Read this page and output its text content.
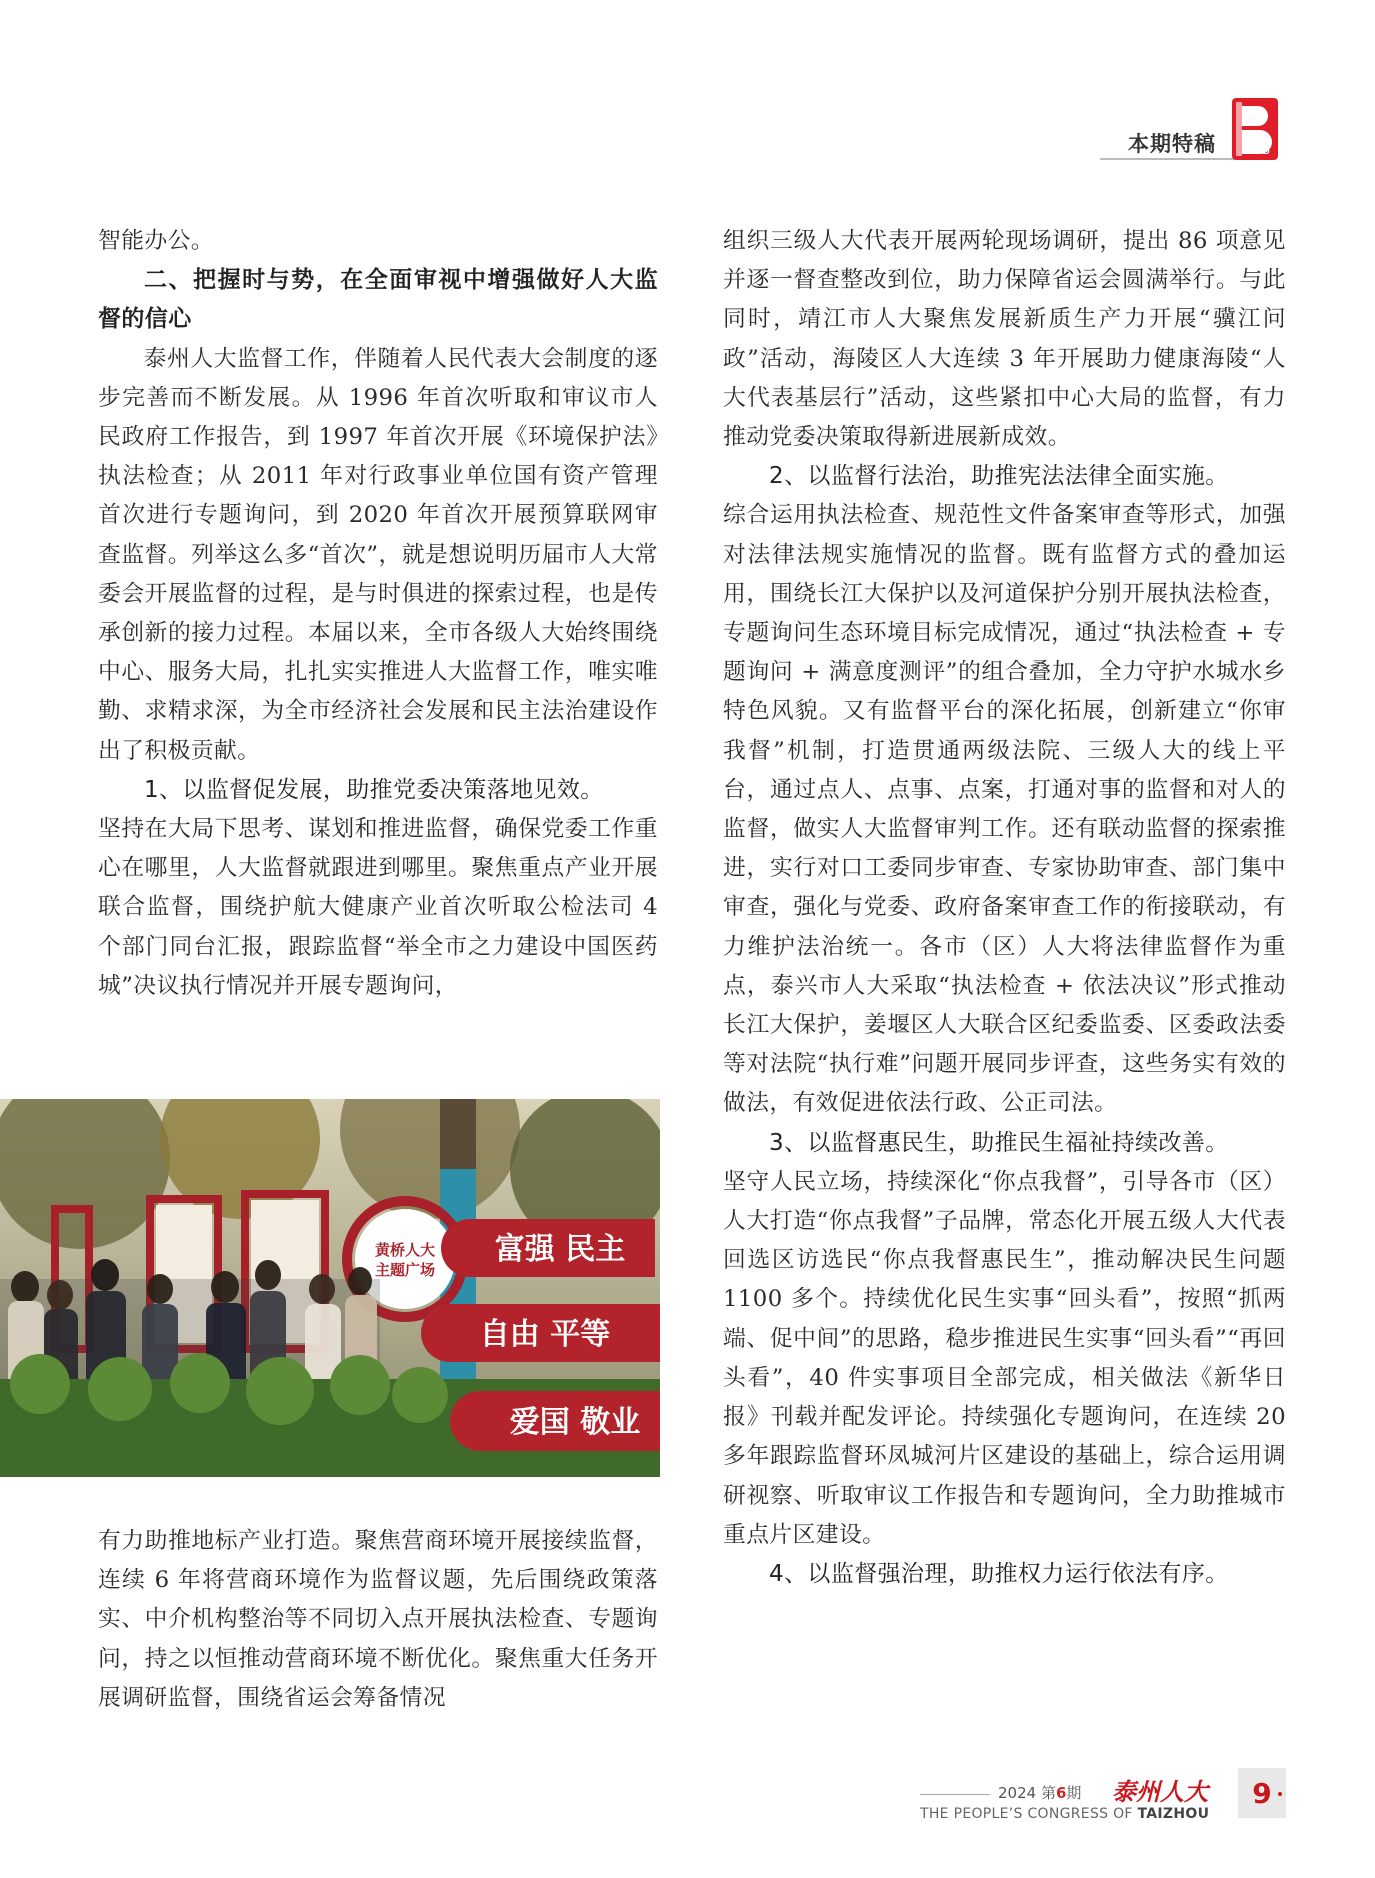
本期特稿	B

智能办公。

二、把握时与势，在全面审视中增强做好人大监督的信心

泰州人大监督工作，伴随着人民代表大会制度的逐步完善而不断发展。从 1996 年首次听取和审议市人民政府工作报告，到 1997 年首次开展《环境保护法》执法检查；从 2011 年对行政事业单位国有资产管理首次进行专题询问，到 2020 年首次开展预算联网审查监督。列举这么多“首次”，就是想说明历届市人大常委会开展监督的过程，是与时俱进的探索过程，也是传承创新的接力过程。本届以来，全市各级人大始终围绕中心、服务大局，扎扎实实推进人大监督工作，唯实唯勤、求精求深，为全市经济社会发展和民主法治建设作出了积极贡献。

1、以监督促发展，助推党委决策落地见效。

坚持在大局下思考、谋划和推进监督，确保党委工作重心在哪里，人大监督就跟进到哪里。聚焦重点产业开展联合监督，围绕护航大健康产业首次听取公检法司 4 个部门同台汇报，跟踪监督“举全市之力建设中国医药城”决议执行情况并开展专题询问，

黄桥人大
主题广场
富强 民主
自由 平等
爱国 敬业

有力助推地标产业打造。聚焦营商环境开展接续监督，连续 6 年将营商环境作为监督议题，先后围绕政策落实、中介机构整治等不同切入点开展执法检查、专题询问，持之以恒推动营商环境不断优化。聚焦重大任务开展调研监督，围绕省运会筹备情况

组织三级人大代表开展两轮现场调研，提出 86 项意见并逐一督查整改到位，助力保障省运会圆满举行。与此同时，靖江市人大聚焦发展新质生产力开展“骥江问政”活动，海陵区人大连续 3 年开展助力健康海陵“人大代表基层行”活动，这些紧扣中心大局的监督，有力推动党委决策取得新进展新成效。

2、以监督行法治，助推宪法法律全面实施。

综合运用执法检查、规范性文件备案审查等形式，加强对法律法规实施情况的监督。既有监督方式的叠加运用，围绕长江大保护以及河道保护分别开展执法检查，专题询问生态环境目标完成情况，通过“执法检查 + 专题询问 + 满意度测评”的组合叠加，全力守护水城水乡特色风貌。又有监督平台的深化拓展，创新建立“你审我督”机制，打造贯通两级法院、三级人大的线上平台，通过点人、点事、点案，打通对事的监督和对人的监督，做实人大监督审判工作。还有联动监督的探索推进，实行对口工委同步审查、专家协助审查、部门集中审查，强化与党委、政府备案审查工作的衔接联动，有力维护法治统一。各市（区）人大将法律监督作为重点，泰兴市人大采取“执法检查 + 依法决议”形式推动长江大保护，姜堰区人大联合区纪委监委、区委政法委等对法院“执行难”问题开展同步评查，这些务实有效的做法，有效促进依法行政、公正司法。

3、以监督惠民生，助推民生福祉持续改善。

坚守人民立场，持续深化“你点我督”，引导各市（区）人大打造“你点我督”子品牌，常态化开展五级人大代表回选区访选民“你点我督惠民生”，推动解决民生问题 1100 多个。持续优化民生实事“回头看”，按照“抓两端、促中间”的思路，稳步推进民生实事“回头看”“再回头看”，40 件实事项目全部完成，相关做法《新华日报》刊载并配发评论。持续强化专题询问，在连续 20 多年跟踪监督环凤城河片区建设的基础上，综合运用调研视察、听取审议工作报告和专题询问，全力助推城市重点片区建设。

4、以监督强治理，助推权力运行依法有序。

2024 第6期 泰州人大
THE PEOPLE’S CONGRESS OF TAIZHOU
9
